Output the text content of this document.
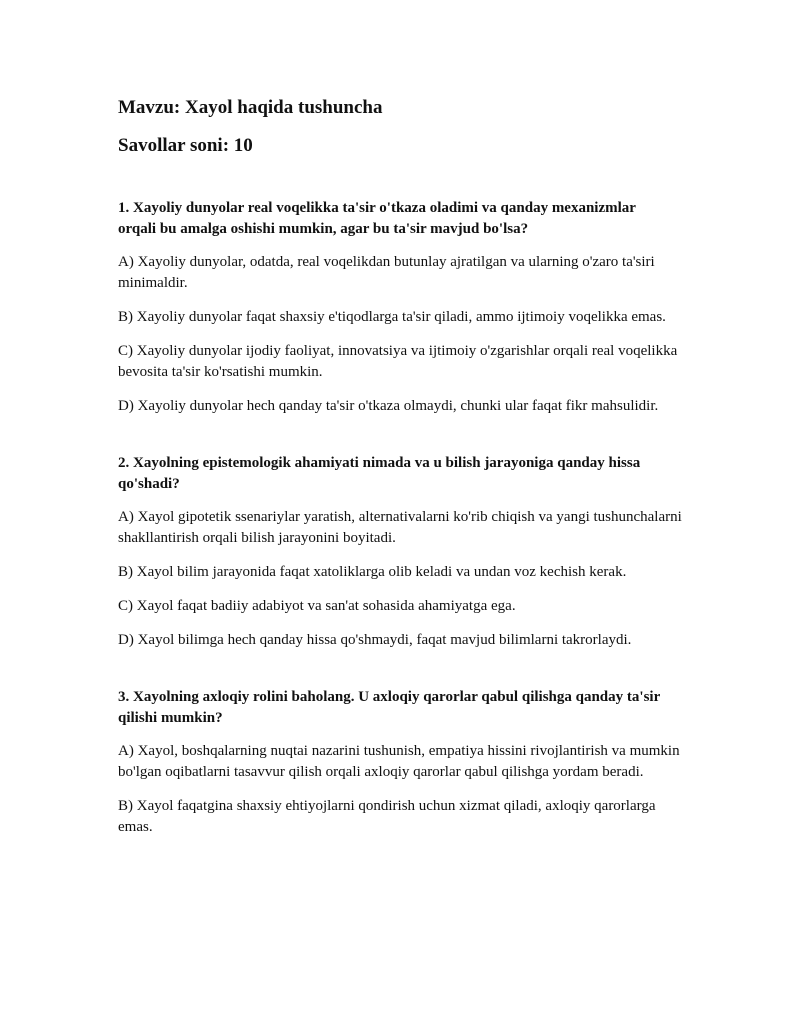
Mavzu: Xayol haqida tushuncha
Savollar soni: 10

1. Xayoliy dunyolar real voqelikka ta'sir o'tkaza oladimi va qanday mexanizmlar orqali bu amalga oshishi mumkin, agar bu ta'sir mavjud bo'lsa?

A) Xayoliy dunyolar, odatda, real voqelikdan butunlay ajratilgan va ularning o'zaro ta'siri minimaldir.

B) Xayoliy dunyolar faqat shaxsiy e'tiqodlarga ta'sir qiladi, ammo ijtimoiy voqelikka emas.

C) Xayoliy dunyolar ijodiy faoliyat, innovatsiya va ijtimoiy o'zgarishlar orqali real voqelikka bevosita ta'sir ko'rsatishi mumkin.

D) Xayoliy dunyolar hech qanday ta'sir o'tkaza olmaydi, chunki ular faqat fikr mahsulidir.

2. Xayolning epistemologik ahamiyati nimada va u bilish jarayoniga qanday hissa qo'shadi?

A) Xayol gipotetik ssenariylar yaratish, alternativalarni ko'rib chiqish va yangi tushunchalarni shakllantirish orqali bilish jarayonini boyitadi.

B) Xayol bilim jarayonida faqat xatoliklarga olib keladi va undan voz kechish kerak.

C) Xayol faqat badiiy adabiyot va san'at sohasida ahamiyatga ega.

D) Xayol bilimga hech qanday hissa qo'shmaydi, faqat mavjud bilimlarni takrorlaydi.

3. Xayolning axloqiy rolini baholang. U axloqiy qarorlar qabul qilishga qanday ta'sir qilishi mumkin?

A) Xayol, boshqalarning nuqtai nazarini tushunish, empatiya hissini rivojlantirish va mumkin bo'lgan oqibatlarni tasavvur qilish orqali axloqiy qarorlar qabul qilishga yordam beradi.

B) Xayol faqatgina shaxsiy ehtiyojlarni qondirish uchun xizmat qiladi, axloqiy qarorlarga emas.
